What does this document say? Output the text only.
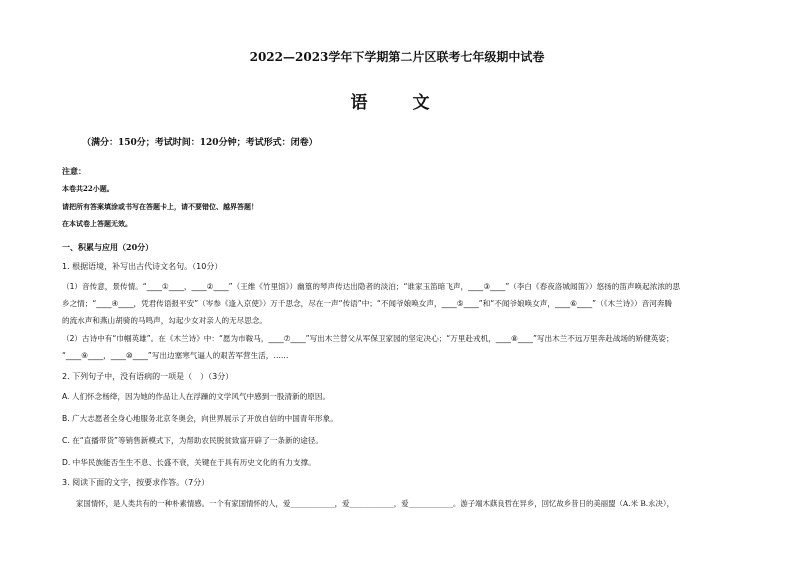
2022—2023学年下学期第二片区联考七年级期中试卷
语　文
（满分：150分；考试时间：120分钟；考试形式：闭卷）
注意：
本卷共22小题。
请把所有答案填涂或书写在答题卡上，请不要错位、越界答题！
在本试卷上答题无效。
一、积累与应用（20分）
1. 根据语境，补写出古代诗文名句。（10分）
（1）音传意，景传情。“____①____，____②____”（王维《竹里馆》）幽篁的琴声传达出隐者的淡泊；“谁家玉笛暗飞声，____③____”（李白《春夜洛城闻笛》）悠扬的笛声唤起浓浓的思
乡之情；“____④____，凭君传语报平安”（岑参《逢入京使》）万千思念，尽在一声“传语”中；“不闻爷娘唤女声，____⑤____”和“不闻爷娘唤女声，____⑥____”（《木兰诗》）音河奔腾
的流水声和燕山胡骑的马鸣声，勾起少女对亲人的无尽思念。
（2）古诗中有“巾帼英雄”。在《木兰诗》中：“愿为市鞍马，____⑦____”写出木兰替父从军保卫家园的坚定决心；“万里赴戎机，____⑧____”写出木兰不远万里奔赴战场的矫健英姿；
“____⑨____，____⑩____”写出边塞寒气逼人的艰苦军营生活，……
2. 下列句子中，没有语病的一项是（　）（3分）
A. 人们怀念杨绛，因为她的作品让人在浮躁的文学风气中感到一股清新的原因。
B. 广大志愿者全身心地服务北京冬奥会，向世界展示了开放自信的中国青年形象。
C. 在“直播带货”等销售新模式下，为帮助农民脱贫致富开辟了一条新的途径。
D. 中华民族能否生生不息、长盛不衰，关键在于具有历史文化的有力支撑。
3. 阅读下面的文字，按要求作答。（7分）
家国情怀，是人类共有的一种朴素情感。一个有家国情怀的人，爱____________，爱____________，爱____________。游子端木蕻良哲在异乡，回忆故乡昔日的美丽盟（A.米 B.永决），
